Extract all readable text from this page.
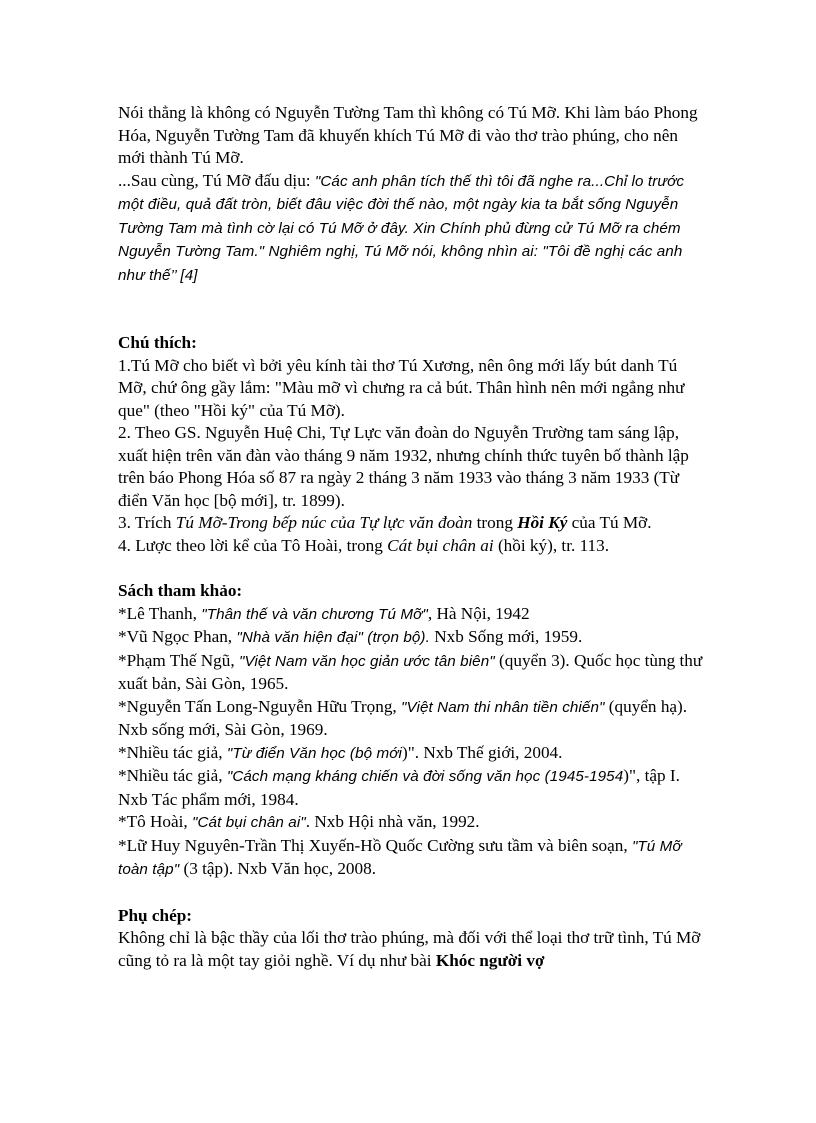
Nói thẳng là không có Nguyễn Tường Tam thì không có Tú Mỡ. Khi làm báo Phong Hóa, Nguyễn Tường Tam đã khuyến khích Tú Mỡ đi vào thơ trào phúng, cho nên mới thành Tú Mỡ.

...Sau cùng, Tú Mỡ đấu dịu: "Các anh phân tích thế thì tôi đã nghe ra...Chỉ lo trước một điều, quả đất tròn, biết đâu việc đời thế nào, một ngày kia ta bắt sống Nguyễn Tường Tam mà tình cờ lại có Tú Mỡ ở đây. Xin Chính phủ đừng cử Tú Mỡ ra chém Nguyễn Tường Tam." Nghiêm nghị, Tú Mỡ nói, không nhìn ai: "Tôi đề nghị các anh như thế’’ [4]

Chú thích:

1.Tú Mỡ cho biết vì bởi yêu kính tài thơ Tú Xương, nên ông mới lấy bút danh Tú Mỡ, chứ ông gầy lắm: "Màu mỡ vì chưng ra cả bút. Thân hình nên mới ngẳng như que" (theo "Hồi ký" của Tú Mỡ).

2. Theo GS. Nguyễn Huệ Chi, Tự Lực văn đoàn do Nguyễn Trường tam sáng lập, xuất hiện trên văn đàn vào tháng 9 năm 1932, nhưng chính thức tuyên bố thành lập trên báo Phong Hóa số 87 ra ngày 2 tháng 3 năm 1933 vào tháng 3 năm 1933 (Từ điển Văn học [bộ mới], tr. 1899).

3. Trích Tú Mỡ-Trong bếp núc của Tự lực văn đoàn trong Hồi Ký của Tú Mỡ.

4. Lược theo lời kể của Tô Hoài, trong Cát bụi chân ai (hồi ký), tr. 113.

Sách tham khảo:

*Lê Thanh, "Thân thế và văn chương Tú Mỡ", Hà Nội, 1942

*Vũ Ngọc Phan, "Nhà văn hiện đại" (trọn bộ). Nxb Sống mới, 1959.

*Phạm Thế Ngũ, "Việt Nam văn học giản ước tân biên" (quyển 3). Quốc học tùng thư xuất bản, Sài Gòn, 1965.

*Nguyễn Tấn Long-Nguyễn Hữu Trọng, "Việt Nam thi nhân tiền chiến" (quyển hạ). Nxb sống mới, Sài Gòn, 1969.

*Nhiều tác giả, "Từ điển Văn học (bộ mới)". Nxb Thế giới, 2004.

*Nhiều tác giả, "Cách mạng kháng chiến và đời sống văn học (1945-1954)", tập I. Nxb Tác phẩm mới, 1984.

*Tô Hoài, "Cát bụi chân ai". Nxb Hội nhà văn, 1992.

*Lữ Huy Nguyên-Trần Thị Xuyến-Hồ Quốc Cường sưu tầm và biên soạn, "Tú Mỡ toàn tập" (3 tập). Nxb Văn học, 2008.

Phụ chép:

Không chỉ là bậc thầy của lối thơ trào phúng, mà đối với thể loại thơ trữ tình, Tú Mỡ cũng tỏ ra là một tay giỏi nghề. Ví dụ như bài Khóc người vợ
